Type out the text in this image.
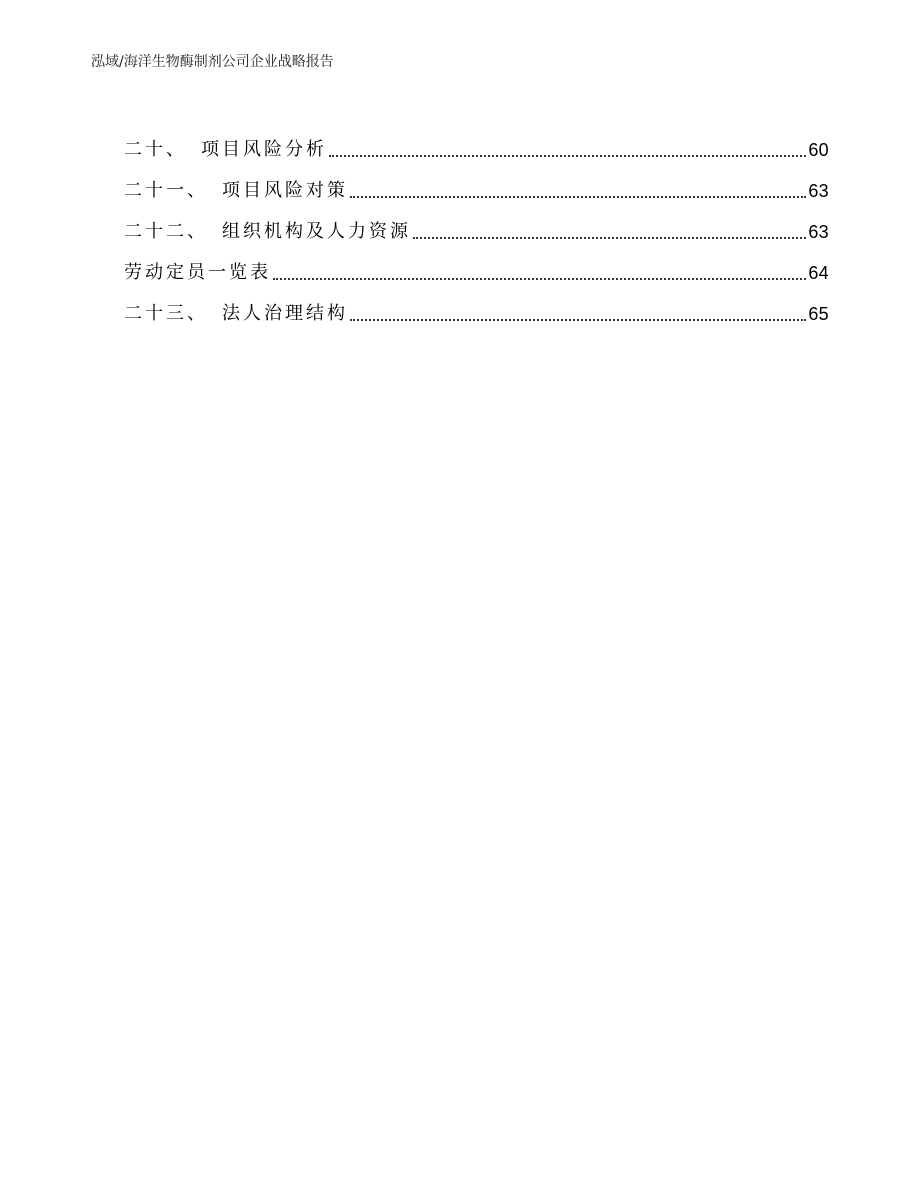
泓域/海洋生物酶制剂公司企业战略报告
二十、 项目风险分析	60
二十一、 项目风险对策	63
二十二、 组织机构及人力资源	63
劳动定员一览表	64
二十三、 法人治理结构	65
